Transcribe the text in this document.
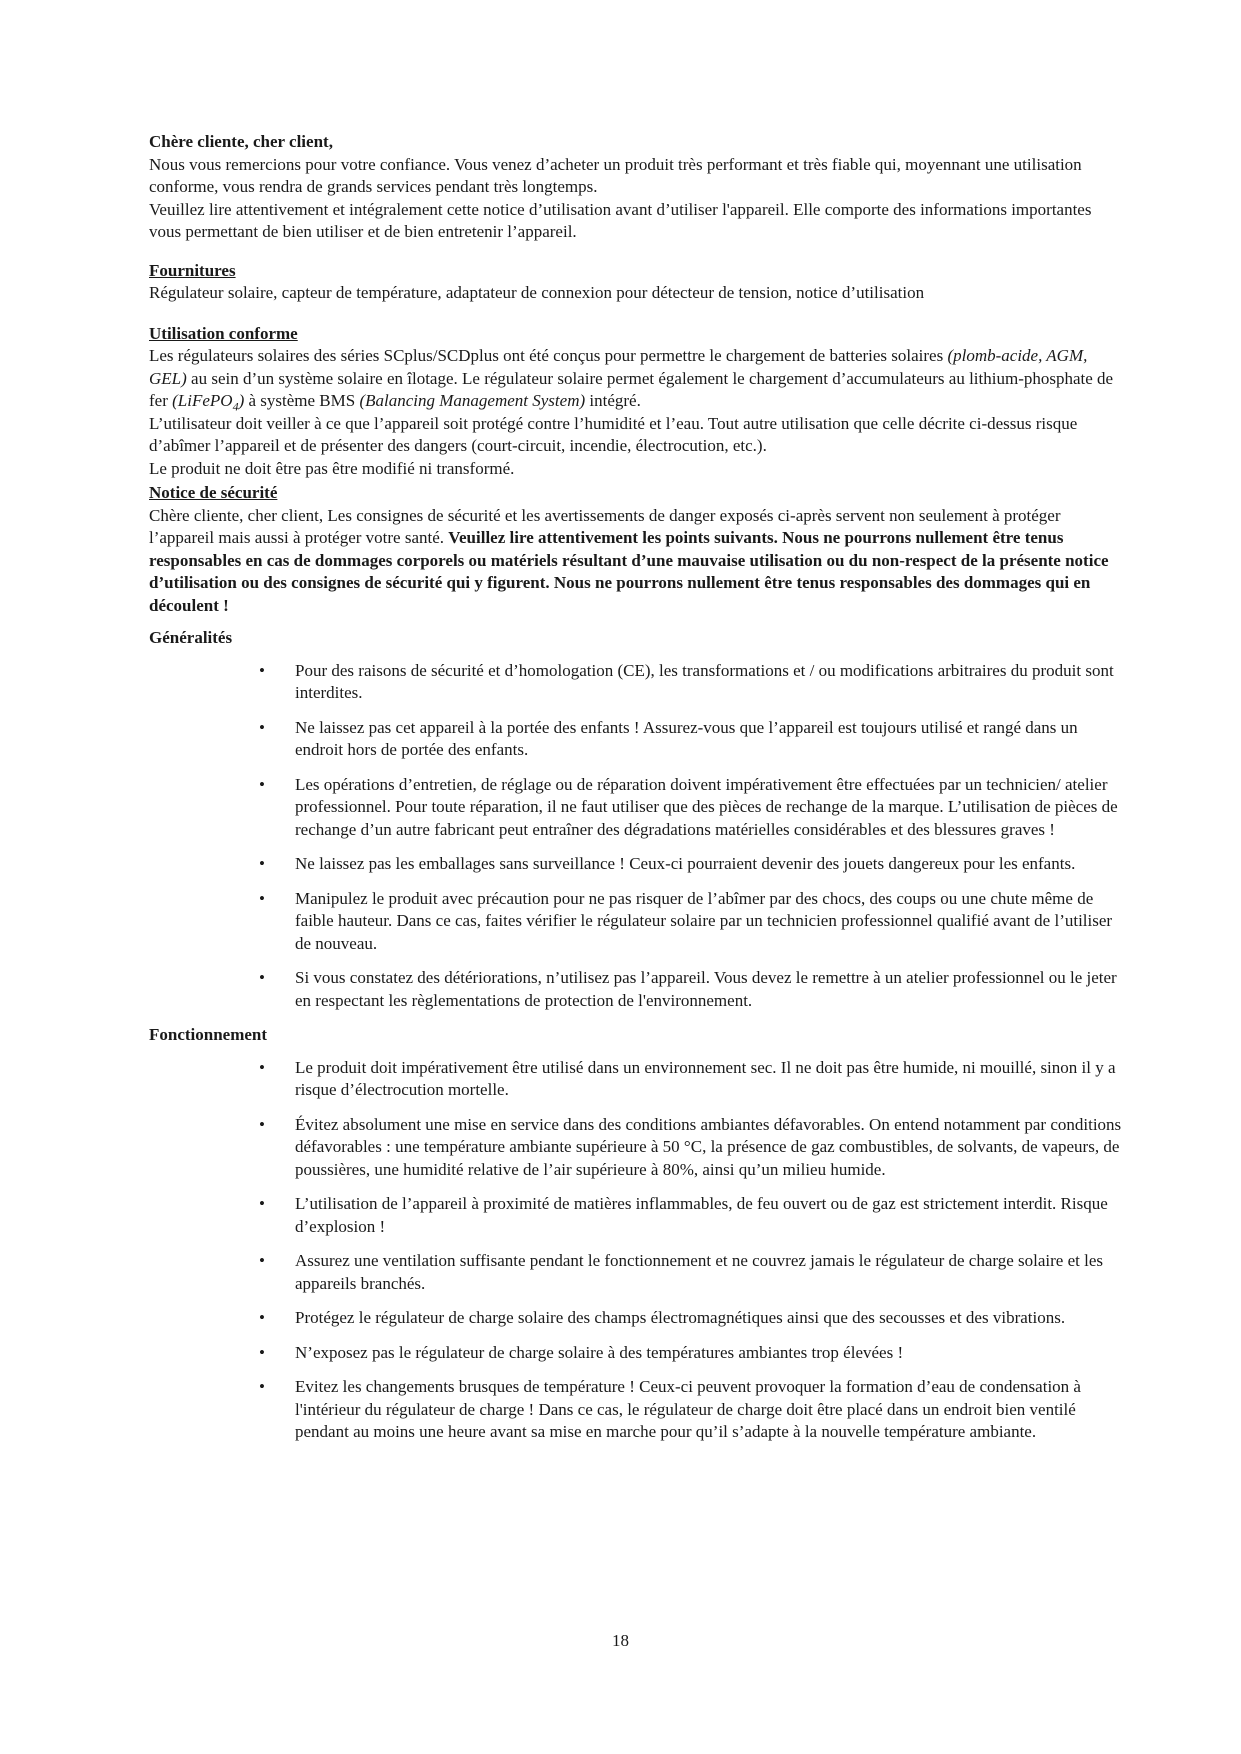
Chère cliente, cher client,

Nous vous remercions pour votre confiance. Vous venez d’acheter un produit très performant et très fiable qui, moyennant une utilisation conforme, vous rendra de grands services pendant très longtemps.

Veuillez lire attentivement et intégralement cette notice d’utilisation avant d’utiliser l'appareil. Elle comporte des informations importantes vous permettant de bien utiliser et de bien entretenir l’appareil.

Fournitures

Régulateur solaire, capteur de température, adaptateur de connexion pour détecteur de tension, notice d’utilisation

Utilisation conforme

Les régulateurs solaires des séries SCplus/SCDplus ont été conçus pour permettre le chargement de batteries solaires (plomb-acide, AGM, GEL) au sein d’un système solaire en îlotage. Le régulateur solaire permet également le chargement d’accumulateurs au lithium-phosphate de fer (LiFePO$_4$) à système BMS (Balancing Management System) intégré.

L’utilisateur doit veiller à ce que l’appareil soit protégé contre l’humidité et l’eau. Tout autre utilisation que celle décrite ci-dessus risque d’abîmer l’appareil et de présenter des dangers (court-circuit, incendie, électrocution, etc.).

Le produit ne doit être pas être modifié ni transformé.

Notice de sécurité

Chère cliente, cher client, Les consignes de sécurité et les avertissements de danger exposés ci-après servent non seulement à protéger l’appareil mais aussi à protéger votre santé. Veuillez lire attentivement les points suivants. Nous ne pourrons nullement être tenus responsables en cas de dommages corporels ou matériels résultant d’une mauvaise utilisation ou du non-respect de la présente notice d’utilisation ou des consignes de sécurité qui y figurent. Nous ne pourrons nullement être tenus responsables des dommages qui en découlent !

Généralités

• Pour des raisons de sécurité et d’homologation (CE), les transformations et / ou modifications arbitraires du produit sont interdites.
• Ne laissez pas cet appareil à la portée des enfants ! Assurez-vous que l’appareil est toujours utilisé et rangé dans un endroit hors de portée des enfants.
• Les opérations d’entretien, de réglage ou de réparation doivent impérativement être effectuées par un technicien/ atelier professionnel. Pour toute réparation, il ne faut utiliser que des pièces de rechange de la marque. L’utilisation de pièces de rechange d’un autre fabricant peut entraîner des dégradations matérielles considérables et des blessures graves !
• Ne laissez pas les emballages sans surveillance ! Ceux-ci pourraient devenir des jouets dangereux pour les enfants.
• Manipulez le produit avec précaution pour ne pas risquer de l’abîmer par des chocs, des coups ou une chute même de faible hauteur. Dans ce cas, faites vérifier le régulateur solaire par un technicien professionnel qualifié avant de l’utiliser de nouveau.
• Si vous constatez des détériorations, n’utilisez pas l’appareil. Vous devez le remettre à un atelier professionnel ou le jeter en respectant les règlementations de protection de l'environnement.

Fonctionnement

• Le produit doit impérativement être utilisé dans un environnement sec. Il ne doit pas être humide, ni mouillé, sinon il y a risque d’électrocution mortelle.
• Évitez absolument une mise en service dans des conditions ambiantes défavorables. On entend notamment par conditions défavorables : une température ambiante supérieure à 50 °C, la présence de gaz combustibles, de solvants, de vapeurs, de poussières, une humidité relative de l’air supérieure à 80%, ainsi qu’un milieu humide.
• L’utilisation de l’appareil à proximité de matières inflammables, de feu ouvert ou de gaz est strictement interdit. Risque d’explosion !
• Assurez une ventilation suffisante pendant le fonctionnement et ne couvrez jamais le régulateur de charge solaire et les appareils branchés.
• Protégez le régulateur de charge solaire des champs électromagnétiques ainsi que des secousses et des vibrations.
• N’exposez pas le régulateur de charge solaire à des températures ambiantes trop élevées !
• Evitez les changements brusques de température ! Ceux-ci peuvent provoquer la formation d’eau de condensation à l'intérieur du régulateur de charge ! Dans ce cas, le régulateur de charge doit être placé dans un endroit bien ventilé pendant au moins une heure avant sa mise en marche pour qu’il s’adapte à la nouvelle température ambiante.
18
